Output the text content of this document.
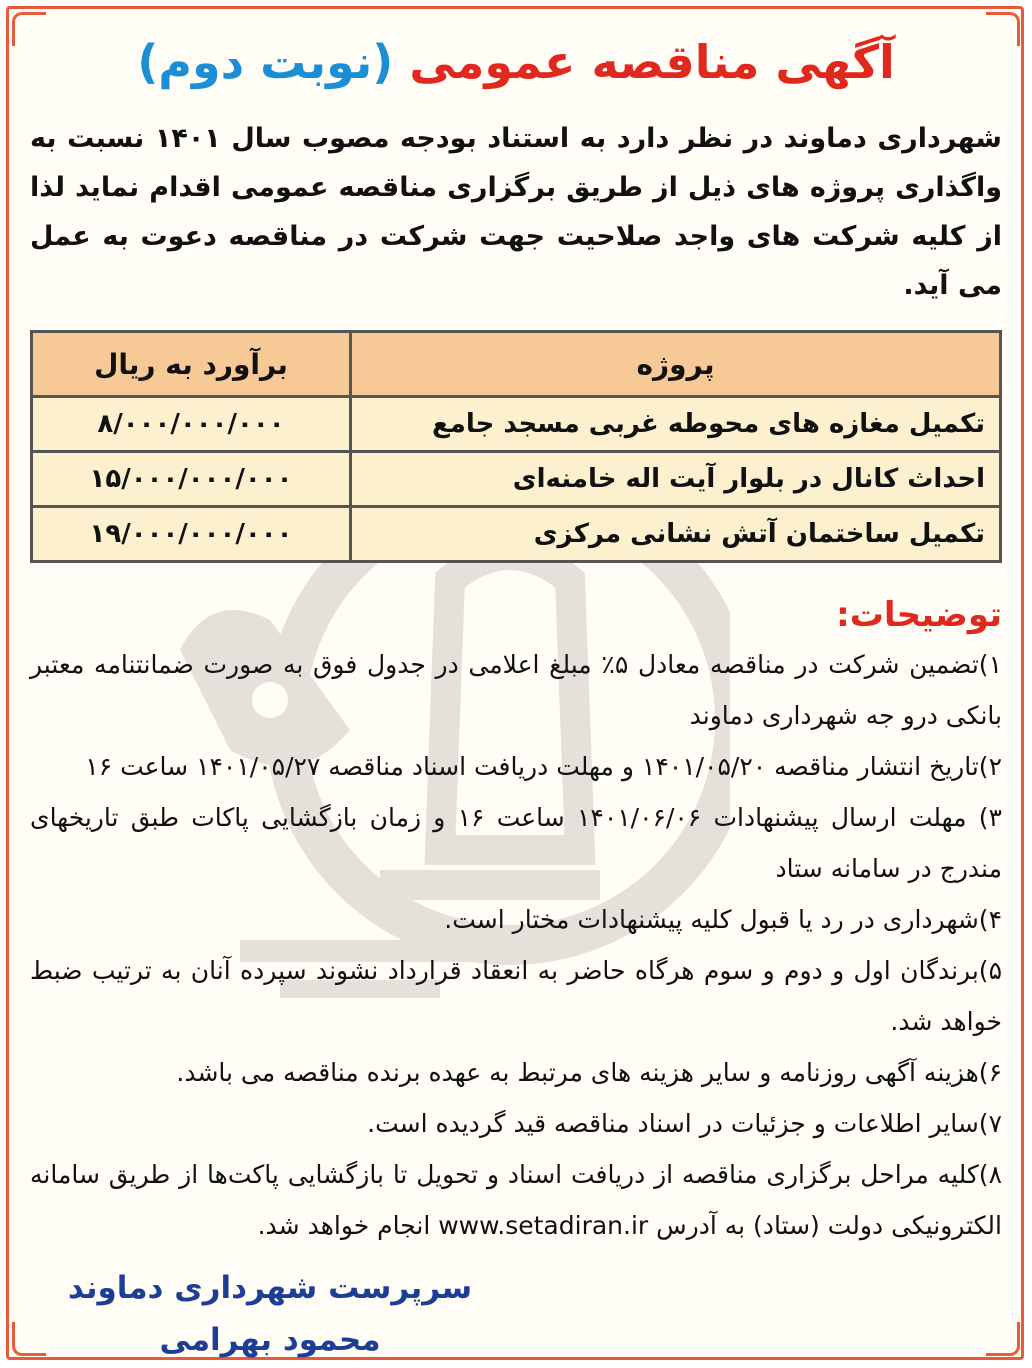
آگهی مناقصه عمومی (نوبت دوم)
شهرداری دماوند در نظر دارد به استناد بودجه مصوب سال ۱۴۰۱ نسبت به واگذاری پروژه های ذیل از طریق برگزاری مناقصه عمومی اقدام نماید لذا از کلیه شرکت های واجد صلاحیت جهت شرکت در مناقصه دعوت به عمل می آید.
پروژه	برآورد به ریال
تکمیل مغازه های محوطه غربی مسجد جامع	۸/۰۰۰/۰۰۰/۰۰۰
احداث کانال در بلوار آیت اله خامنه‌ای	۱۵/۰۰۰/۰۰۰/۰۰۰
تکمیل ساختمان آتش نشانی مرکزی	۱۹/۰۰۰/۰۰۰/۰۰۰
توضیحات:
۱)تضمین شرکت در مناقصه معادل ۵٪ مبلغ اعلامی در جدول فوق به صورت ضمانتنامه معتبر بانکی درو جه شهرداری دماوند
۲)تاریخ انتشار مناقصه ۱۴۰۱/۰۵/۲۰ و مهلت دریافت اسناد مناقصه ۱۴۰۱/۰۵/۲۷ ساعت ۱۶
۳) مهلت ارسال پیشنهادات ۱۴۰۱/۰۶/۰۶ ساعت ۱۶ و زمان بازگشایی پاکات طبق تاریخهای مندرج در سامانه ستاد
۴)شهرداری در رد یا قبول کلیه پیشنهادات مختار است.
۵)برندگان اول و دوم و سوم هرگاه حاضر به انعقاد قرارداد نشوند سپرده آنان به ترتیب ضبط خواهد شد.
۶)هزینه آگهی روزنامه و سایر هزینه های مرتبط به عهده برنده مناقصه می باشد.
۷)سایر اطلاعات و جزئیات در اسناد مناقصه قید گردیده است.
۸)کلیه مراحل برگزاری مناقصه از دریافت اسناد و تحویل تا بازگشایی پاکت‌ها از طریق سامانه الکترونیکی دولت (ستاد) به آدرس www.setadiran.ir انجام خواهد شد.
سرپرست شهرداری دماوند
محمود بهرامی
